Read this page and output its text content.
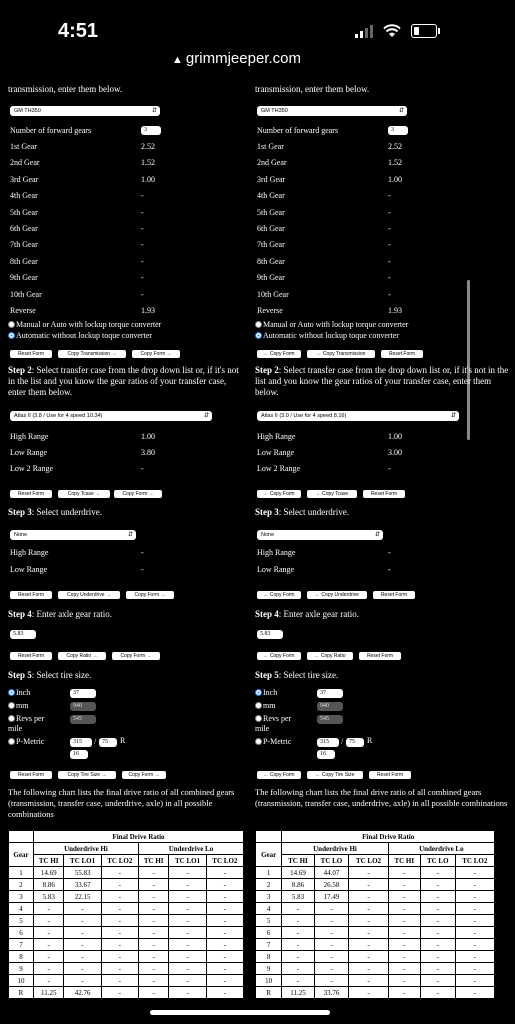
4:51
▲ grimmjeeper.com
transmission, enter them below.
GM TH350	⇵
Number of forward gears	3
1st Gear	2.52
2nd Gear	1.52
3rd Gear	1.00
4th Gear	-
5th Gear	-
6th Gear	-
7th Gear	-
8th Gear	-
9th Gear	-
10th Gear	-
Reverse	1.93
Manual or Auto with lockup torque converter
Automatic without lockup toque converter
Reset Form	Copy Transmission →	Copy Form →
Step 2: Select transfer case from the drop down list or, if it's not in the list and you know the gear ratios of your transfer case, enter them below.
Atlas II (3.8 / Use for 4 speed 10.34)	⇵
High Range	1.00
Low Range	3.80
Low 2 Range	-
Reset Form	Copy Tcase →	Copy Form →
Step 3: Select underdrive.
None	⇵
High Range	-
Low Range	-
Reset Form	Copy Underdrive →	Copy Form →
Step 4: Enter axle gear ratio.
5.83
Reset Form	Copy Ratio →	Copy Form →
Step 5: Select tire size.
Inch	37
mm	940
Revs per mile
545
P-Metric	315	/ 75	R
16
Reset Form	Copy Tire Size →	Copy Form →
The following chart lists the final drive ratio of all combined gears (transmission, transfer case, underdrive, axle) in all possible combinations
	Final Drive Ratio					
Gear	Underdrive Hi			Underdrive Lo		
	TC HI	TC LO1	TC LO2	TC HI	TC LO1	TC LO2
1	14.69	55.83	-	-	-	-
2	8.86	33.67	-	-	-	-
3	5.83	22.15	-	-	-	-
4	-	-	-	-	-	-
5	-	-	-	-	-	-
6	-	-	-	-	-	-
7	-	-	-	-	-	-
8	-	-	-	-	-	-
9	-	-	-	-	-	-
10	-	-	-	-	-	-
R	11.25	42.76	-	-	-	-
transmission, enter them below.
GM TH350	⇵
Number of forward gears	3
1st Gear	2.52
2nd Gear	1.52
3rd Gear	1.00
4th Gear	-
5th Gear	-
6th Gear	-
7th Gear	-
8th Gear	-
9th Gear	-
10th Gear	-
Reverse	1.93
Manual or Auto with lockup torque converter
Automatic without lockup toque converter
← Copy Form	← Copy Transmission	Reset Form
Step 2: Select transfer case from the drop down list or, if it's not in the list and you know the gear ratios of your transfer case, enter them below.
Atlas II (3.0 / Use for 4 speed 8.16)	⇵
High Range	1.00
Low Range	3.00
Low 2 Range	-
← Copy Form	← Copy Tcase	Reset Form
Step 3: Select underdrive.
None	⇵
High Range	-
Low Range	-
← Copy Form	← Copy Underdrive	Reset Form
Step 4: Enter axle gear ratio.
5.83
← Copy Form	← Copy Ratio	Reset Form
Step 5: Select tire size.
Inch	37
mm	940
Revs per mile
545
P-Metric	315	/ 75	R
16
← Copy Form	← Copy Tire Size	Reset Form
The following chart lists the final drive ratio of all combined gears (transmission, transfer case, underdrive, axle) in all possible combinations
	Final Drive Ratio					
Gear	Underdrive Hi			Underdrive Lo		
	TC HI	TC LO	TC LO2	TC HI	TC LO	TC LO2
1	14.69	44.07	-	-	-	-
2	8.86	26.58	-	-	-	-
3	5.83	17.49	-	-	-	-
4	-	-	-	-	-	-
5	-	-	-	-	-	-
6	-	-	-	-	-	-
7	-	-	-	-	-	-
8	-	-	-	-	-	-
9	-	-	-	-	-	-
10	-	-	-	-	-	-
R	11.25	33.76	-	-	-	-
